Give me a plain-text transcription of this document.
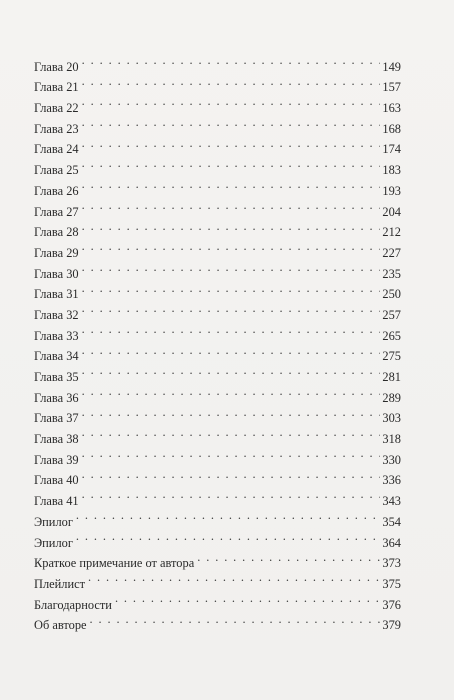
Глава 20 . . .	149
Глава 21 . . .	157
Глава 22 . . .	163
Глава 23 . . .	168
Глава 24 . . .	174
Глава 25 . . .	183
Глава 26 . . .	193
Глава 27 . . .	204
Глава 28 . . .	212
Глава 29 . . .	227
Глава 30 . . .	235
Глава 31 . . .	250
Глава 32 . . .	257
Глава 33 . . .	265
Глава 34 . . .	275
Глава 35 . . .	281
Глава 36 . . .	289
Глава 37 . . .	303
Глава 38 . . .	318
Глава 39 . . .	330
Глава 40 . . .	336
Глава 41 . . .	343
Эпилог . . .	354
Эпилог . . .	364
Краткое примечание от автора . . .	373
Плейлист . . .	375
Благодарности . . .	376
Об авторе . . .	379
